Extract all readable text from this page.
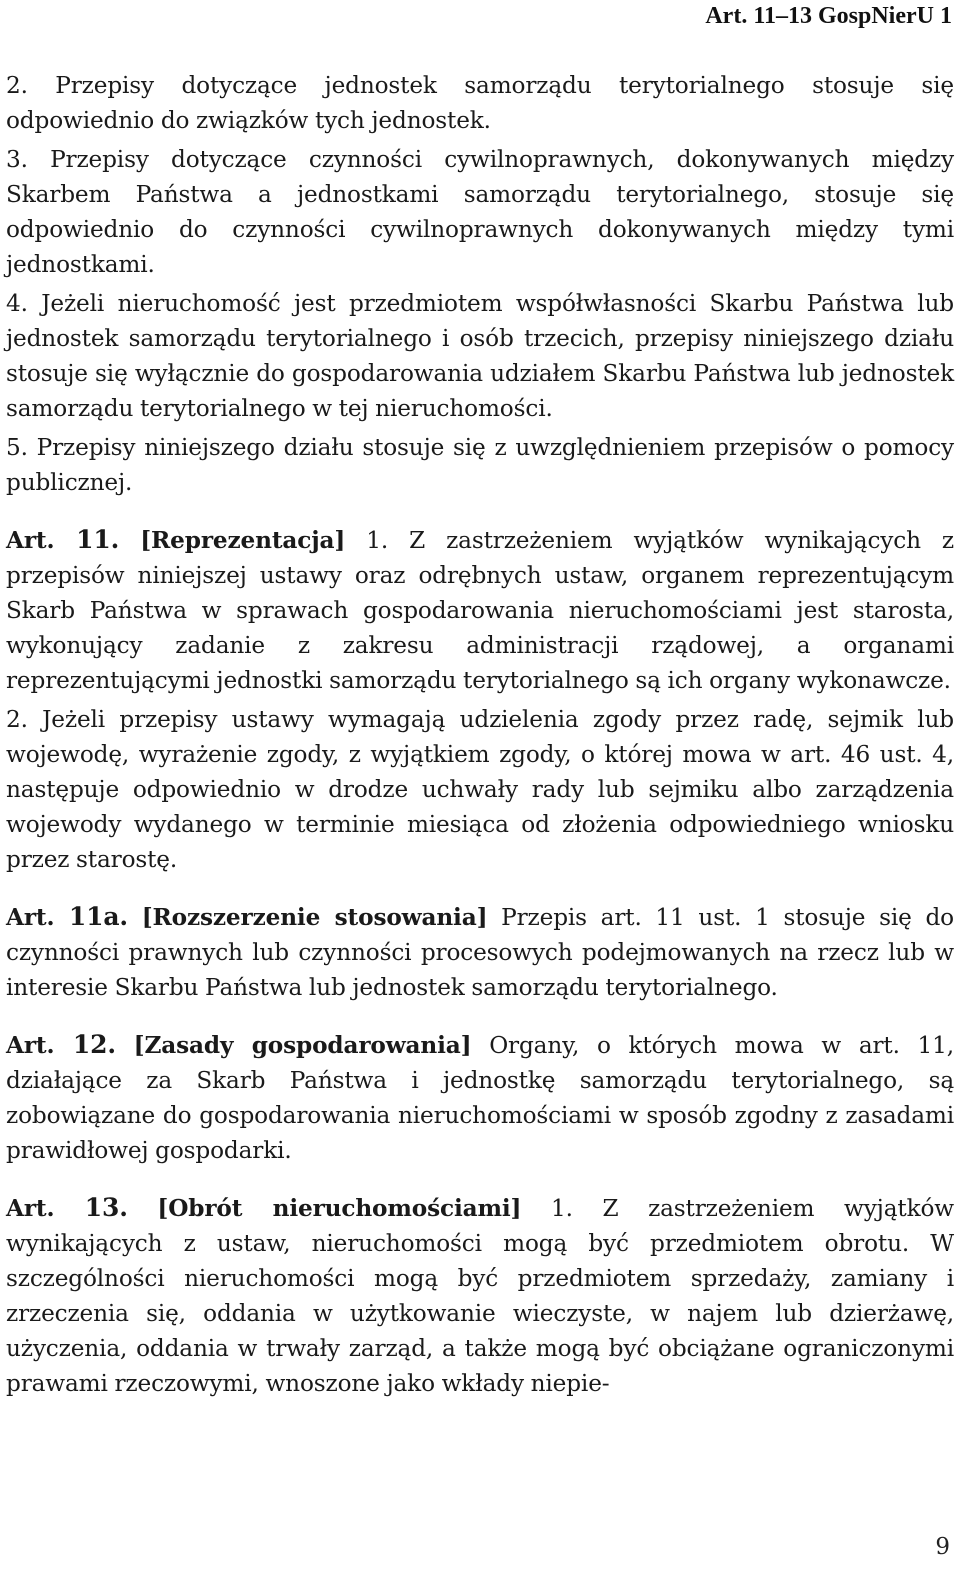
Art. 11–13 GospNierU 1

2. Przepisy dotyczące jednostek samorządu terytorialnego stosuje się odpowiednio do związków tych jednostek.

3. Przepisy dotyczące czynności cywilnoprawnych, dokonywanych między Skarbem Państwa a jednostkami samorządu terytorialnego, stosuje się odpowiednio do czynności cywilnoprawnych dokonywanych między tymi jednostkami.

4. Jeżeli nieruchomość jest przedmiotem współwłasności Skarbu Państwa lub jednostek samorządu terytorialnego i osób trzecich, przepisy niniejszego działu stosuje się wyłącznie do gospodarowania udziałem Skarbu Państwa lub jednostek samorządu terytorialnego w tej nieruchomości.

5. Przepisy niniejszego działu stosuje się z uwzględnieniem przepisów o pomocy publicznej.

Art. 11. [Reprezentacja] 1. Z zastrzeżeniem wyjątków wynikających z przepisów niniejszej ustawy oraz odrębnych ustaw, organem reprezentującym Skarb Państwa w sprawach gospodarowania nieruchomościami jest starosta, wykonujący zadanie z zakresu administracji rządowej, a organami reprezentującymi jednostki samorządu terytorialnego są ich organy wykonawcze.

2. Jeżeli przepisy ustawy wymagają udzielenia zgody przez radę, sejmik lub wojewodę, wyrażenie zgody, z wyjątkiem zgody, o której mowa w art. 46 ust. 4, następuje odpowiednio w drodze uchwały rady lub sejmiku albo zarządzenia wojewody wydanego w terminie miesiąca od złożenia odpowiedniego wniosku przez starostę.

Art. 11a. [Rozszerzenie stosowania] Przepis art. 11 ust. 1 stosuje się do czynności prawnych lub czynności procesowych podejmowanych na rzecz lub w interesie Skarbu Państwa lub jednostek samorządu terytorialnego.

Art. 12. [Zasady gospodarowania] Organy, o których mowa w art. 11, działające za Skarb Państwa i jednostkę samorządu terytorialnego, są zobowiązane do gospodarowania nieruchomościami w sposób zgodny z zasadami prawidłowej gospodarki.

Art. 13. [Obrót nieruchomościami] 1. Z zastrzeżeniem wyjątków wynikających z ustaw, nieruchomości mogą być przedmiotem obrotu. W szczególności nieruchomości mogą być przedmiotem sprzedaży, zamiany i zrzeczenia się, oddania w użytkowanie wieczyste, w najem lub dzierżawę, użyczenia, oddania w trwały zarząd, a także mogą być obciążane ograniczonymi prawami rzeczowymi, wnoszone jako wkłady niepie-

9
